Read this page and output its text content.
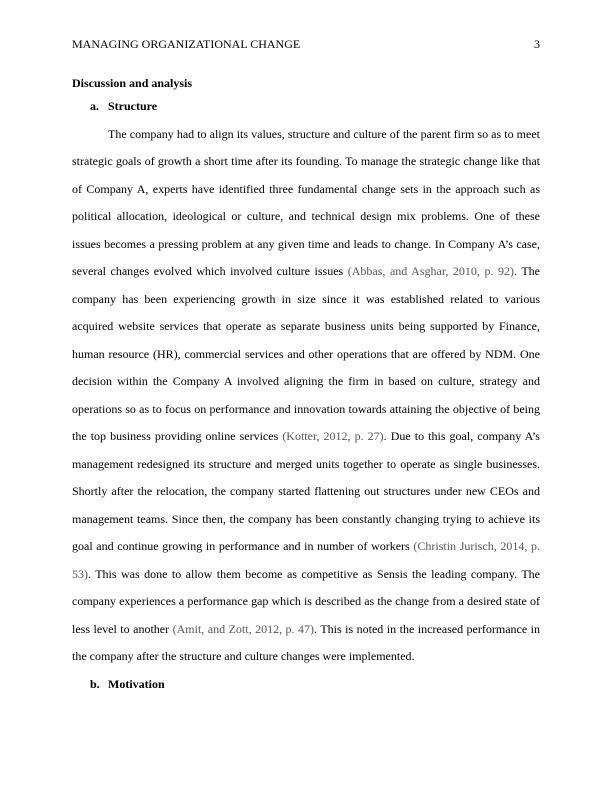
MANAGING ORGANIZATIONAL CHANGE	3
Discussion and analysis
a. Structure
The company had to align its values, structure and culture of the parent firm so as to meet
strategic goals of growth a short time after its founding. To manage the strategic change like that
of Company A, experts have identified three fundamental change sets in the approach such as
political allocation, ideological or culture, and technical design mix problems. One of these
issues becomes a pressing problem at any given time and leads to change. In Company A’s case,
several changes evolved which involved culture issues (Abbas, and Asghar, 2010, p. 92). The
company has been experiencing growth in size since it was established related to various
acquired website services that operate as separate business units being supported by Finance,
human resource (HR), commercial services and other operations that are offered by NDM. One
decision within the Company A involved aligning the firm in based on culture, strategy and
operations so as to focus on performance and innovation towards attaining the objective of being
the top business providing online services (Kotter, 2012, p. 27). Due to this goal, company A’s
management redesigned its structure and merged units together to operate as single businesses.
Shortly after the relocation, the company started flattening out structures under new CEOs and
management teams. Since then, the company has been constantly changing trying to achieve its
goal and continue growing in performance and in number of workers (Christin Jurisch, 2014, p.
53). This was done to allow them become as competitive as Sensis the leading company. The
company experiences a performance gap which is described as the change from a desired state of
less level to another (Amit, and Zott, 2012, p. 47). This is noted in the increased performance in
the company after the structure and culture changes were implemented.
b. Motivation
